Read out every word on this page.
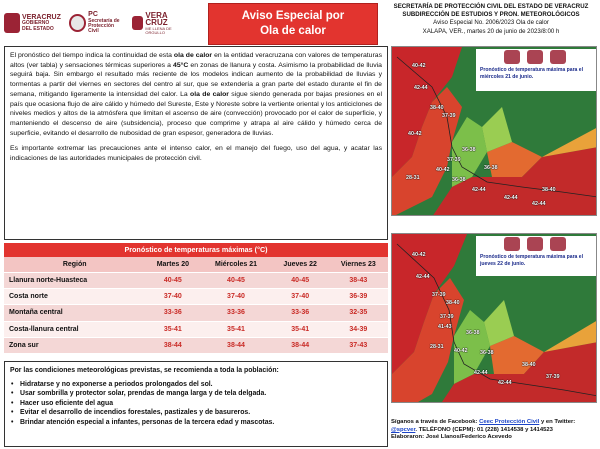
VERACRUZ
GOBIERNO
DEL ESTADO
PC
Secretaría de
Protección Civil
VERA
CRUZ
ME LLENA DE ORGULLO
Aviso Especial por
Ola de calor
SECRETARÍA DE PROTECCIÓN CIVIL DEL ESTADO DE VERACRUZ
SUBDIRECCIÓN DE ESTUDIOS Y PRON. METEOROLÓGICOS
Aviso Especial No. 2006/2023 Ola de calor
XALAPA, VER., martes 20 de junio de 2023/8:00 h

El pronóstico del tiempo indica la continuidad de esta ola de calor en la entidad veracruzana con valores de temperaturas altos (ver tabla) y sensaciones térmicas superiores a 45°C en zonas de llanura y costa. Asimismo la probabilidad de lluvia seguirá baja. Sin embargo el resultado más reciente de los modelos indican aumento de la probabilidad de lluvias y tormentas a partir del viernes en sectores del centro al sur, que se extendería a gran parte del estado durante el fin de semana, mitigando ligeramente la intensidad del calor. La ola de calor sigue siendo generada por bajas presiones en el país que ocasiona flujo de aire cálido y húmedo del Sureste, Este y Noreste sobre la vertiente oriental y los anticiclones de niveles medios y altos de la atmósfera que limitan el ascenso de aire (convección) provocado por el calor de superficie, y manteniendo el descenso de aire (subsidencia), proceso que comprime y atrapa al aire cálido y húmedo cerca de superficie, evitando el desarrollo de nubosidad de gran espesor, generadora de lluvias.

Es importante extremar las precauciones ante el intenso calor, en el manejo del fuego, uso del agua, y acatar las indicaciones de las autoridades municipales de protección civil.

Pronóstico de temperaturas máximas (°C)
Región	Martes 20	Miércoles 21	Jueves 22	Viernes 23
Llanura norte-Huasteca	40-45	40-45	40-45	38-43
Costa norte	37-40	37-40	37-40	36-39
Montaña central	33-36	33-36	33-36	32-35
Costa-llanura central	35-41	35-41	35-41	34-39
Zona sur	38-44	38-44	38-44	37-43
Por las condiciones meteorológicas previstas, se recomienda a toda la población:
• Hidratarse y no exponerse a periodos prolongados del sol.
• Usar sombrilla y protector solar, prendas de manga larga y de tela delgada.
• Hacer uso eficiente del agua
• Evitar el desarrollo de incendios forestales, pastizales y de basureros.
• Brindar atención especial a infantes, personas de la tercera edad y mascotas.
Pronóstico de temperatura máxima para el miércoles 21 de junio.
40-42
42-44
38-40
37-39
40-42
36-38
37-39
40-42
28-31	36-38
36-38
42-44
42-44
38-40
42-44
Pronóstico de temperatura máxima para el jueves 22 de junio.
40-42
42-44
37-39
38-40
37-39
41-43
36-38
28-31
36-38
40-42
42-44
38-40
42-44
37-39
Síganos a través de Facebook: Ceec Protección Civil y en Twitter:
@spcver. TELÉFONO (CEPM): 01 (228) 1414538 y 1414523
Elaboraron: José Llanos/Federico Acevedo
